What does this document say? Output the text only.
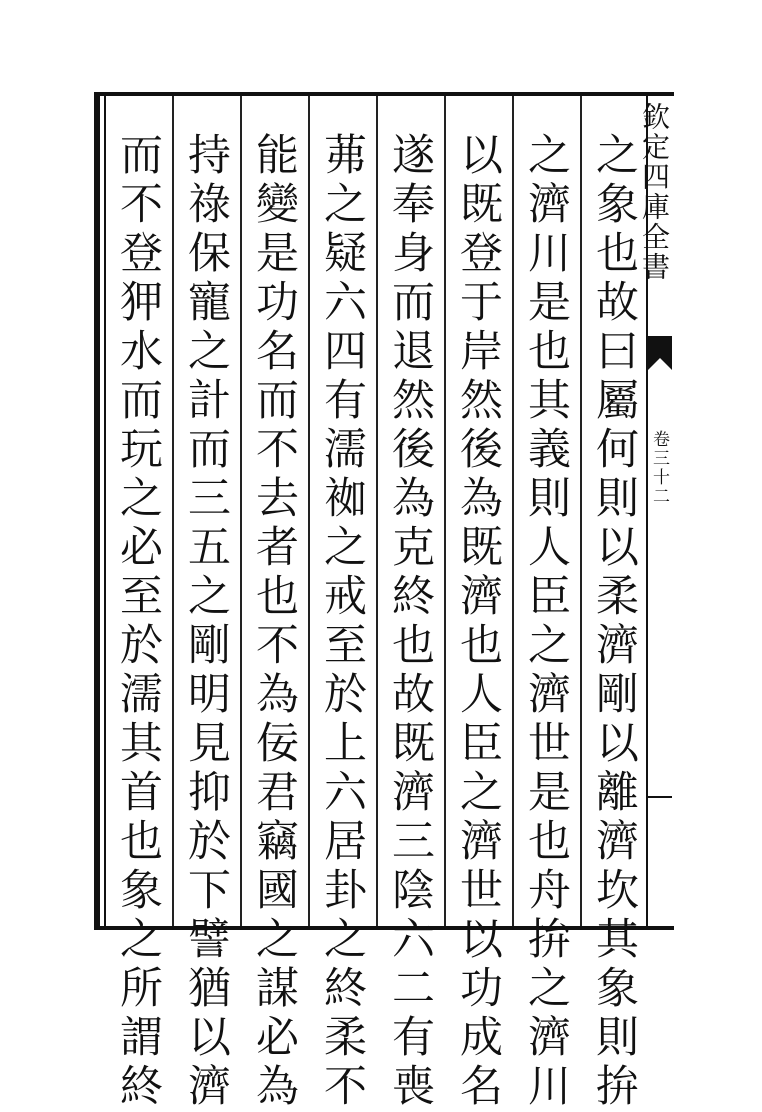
欽定四庫全書
卷三十二
之象也故曰屬何則以柔濟剛以離濟坎其象則拚
之濟川是也其義則人臣之濟世是也舟拚之濟川
以既登于岸然後為既濟也人臣之濟世以功成名
遂奉身而退然後為克終也故既濟三陰六二有喪
茀之疑六四有濡袽之戒至於上六居卦之終柔不
能變是功名而不去者也不為佞君竊國之謀必為
持祿保寵之計而三五之剛明見抑於下譬猶以濟
而不登狎水而玩之必至於濡其首也象之所謂終
